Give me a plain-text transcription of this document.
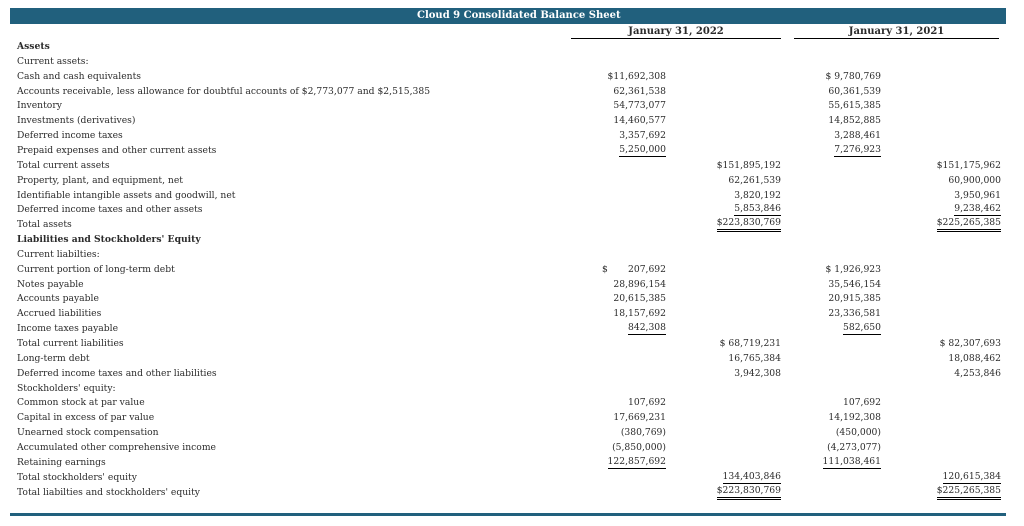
Cloud 9 Consolidated Balance Sheet
January 31, 2022	January 31, 2021
Assets
Current assets:
Cash and cash equivalents	$11,692,308	$ 9,780,769
Accounts receivable, less allowance for doubtful accounts of $2,773,077 and $2,515,385	62,361,538	60,361,539
Inventory	54,773,077	55,615,385
Investments (derivatives)	14,460,577	14,852,885
Deferred income taxes	3,357,692	3,288,461
Prepaid expenses and other current assets	5,250,000	7,276,923
Total current assets	$151,895,192	$151,175,962
Property, plant, and equipment, net	62,261,539	60,900,000
Identifiable intangible assets and goodwill, net	3,820,192	3,950,961
Deferred income taxes and other assets	5,853,846	9,238,462
Total assets	$223,830,769	$225,265,385
Liabilities and Stockholders' Equity
Current liabilties:
Current portion of long-term debt	$ 207,692	$ 1,926,923
Notes payable	28,896,154	35,546,154
Accounts payable	20,615,385	20,915,385
Accrued liabilities	18,157,692	23,336,581
Income taxes payable	842,308	582,650
Total current liabilities	$ 68,719,231	$ 82,307,693
Long-term debt	16,765,384	18,088,462
Deferred income taxes and other liabilities	3,942,308	4,253,846
Stockholders' equity:
Common stock at par value	107,692	107,692
Capital in excess of par value	17,669,231	14,192,308
Unearned stock compensation	(380,769)	(450,000)
Accumulated other comprehensive income	(5,850,000)	(4,273,077)
Retaining earnings	122,857,692	111,038,461
Total stockholders' equity	134,403,846	120,615,384
Total liabilties and stockholders' equity	$223,830,769	$225,265,385
